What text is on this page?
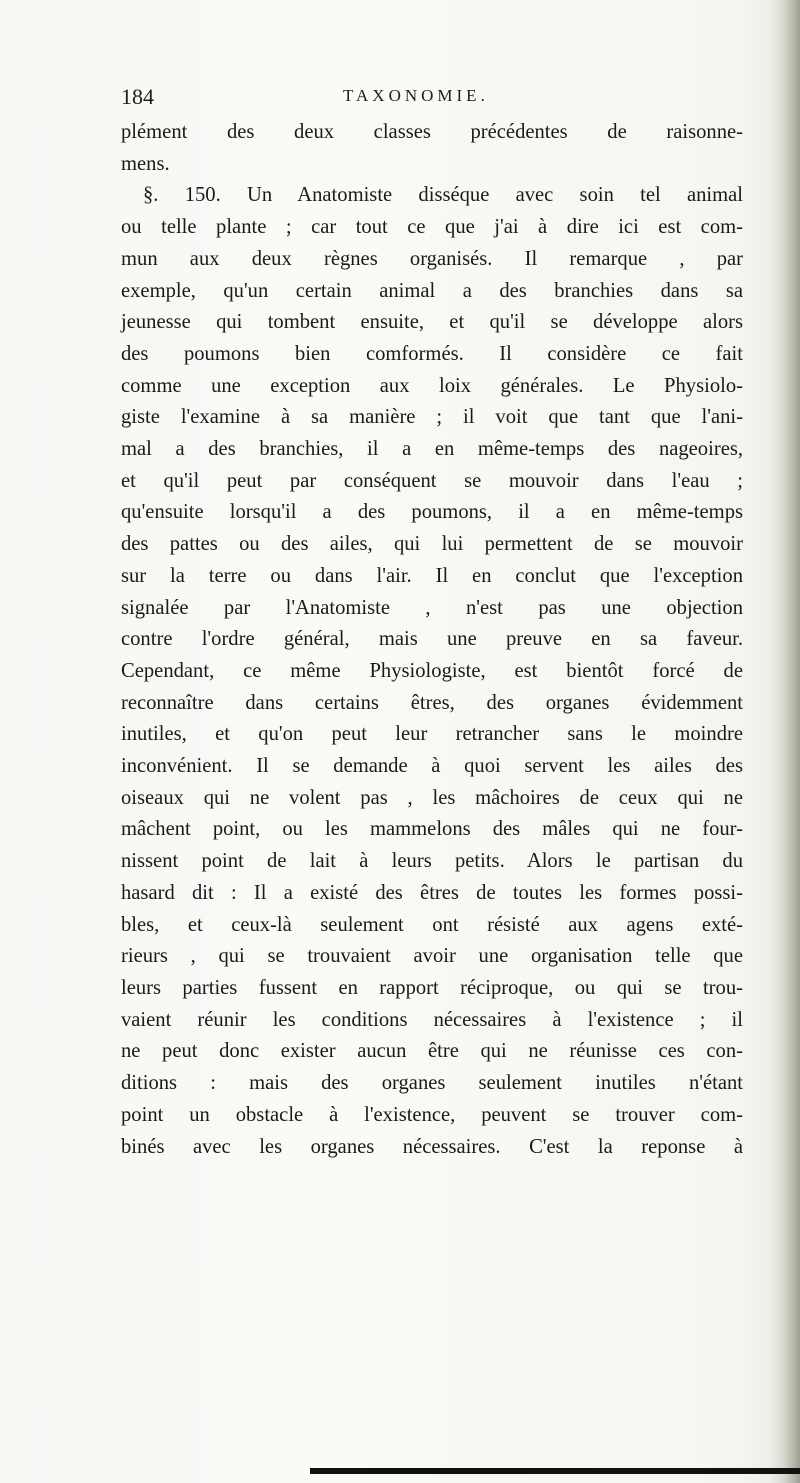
184	TAXONOMIE.
plément des deux classes précédentes de raisonne-
mens.
§. 150. Un Anatomiste disséque avec soin tel animal
ou telle plante ; car tout ce que j'ai à dire ici est com-
mun aux deux règnes organisés. Il remarque , par
exemple, qu'un certain animal a des branchies dans sa
jeunesse qui tombent ensuite, et qu'il se développe alors
des poumons bien comformés. Il considère ce fait
comme une exception aux loix générales. Le Physiolo-
giste l'examine à sa manière ; il voit que tant que l'ani-
mal a des branchies, il a en même-temps des nageoires,
et qu'il peut par conséquent se mouvoir dans l'eau ;
qu'ensuite lorsqu'il a des poumons, il a en même-temps
des pattes ou des ailes, qui lui permettent de se mouvoir
sur la terre ou dans l'air. Il en conclut que l'exception
signalée par l'Anatomiste , n'est pas une objection
contre l'ordre général, mais une preuve en sa faveur.
Cependant, ce même Physiologiste, est bientôt forcé de
reconnaître dans certains êtres, des organes évidemment
inutiles, et qu'on peut leur retrancher sans le moindre
inconvénient. Il se demande à quoi servent les ailes des
oiseaux qui ne volent pas , les mâchoires de ceux qui ne
mâchent point, ou les mammelons des mâles qui ne four-
nissent point de lait à leurs petits. Alors le partisan du
hasard dit : Il a existé des êtres de toutes les formes possi-
bles, et ceux-là seulement ont résisté aux agens exté-
rieurs , qui se trouvaient avoir une organisation telle que
leurs parties fussent en rapport réciproque, ou qui se trou-
vaient réunir les conditions nécessaires à l'existence ; il
ne peut donc exister aucun être qui ne réunisse ces con-
ditions : mais des organes seulement inutiles n'étant
point un obstacle à l'existence, peuvent se trouver com-
binés avec les organes nécessaires. C'est la reponse à
